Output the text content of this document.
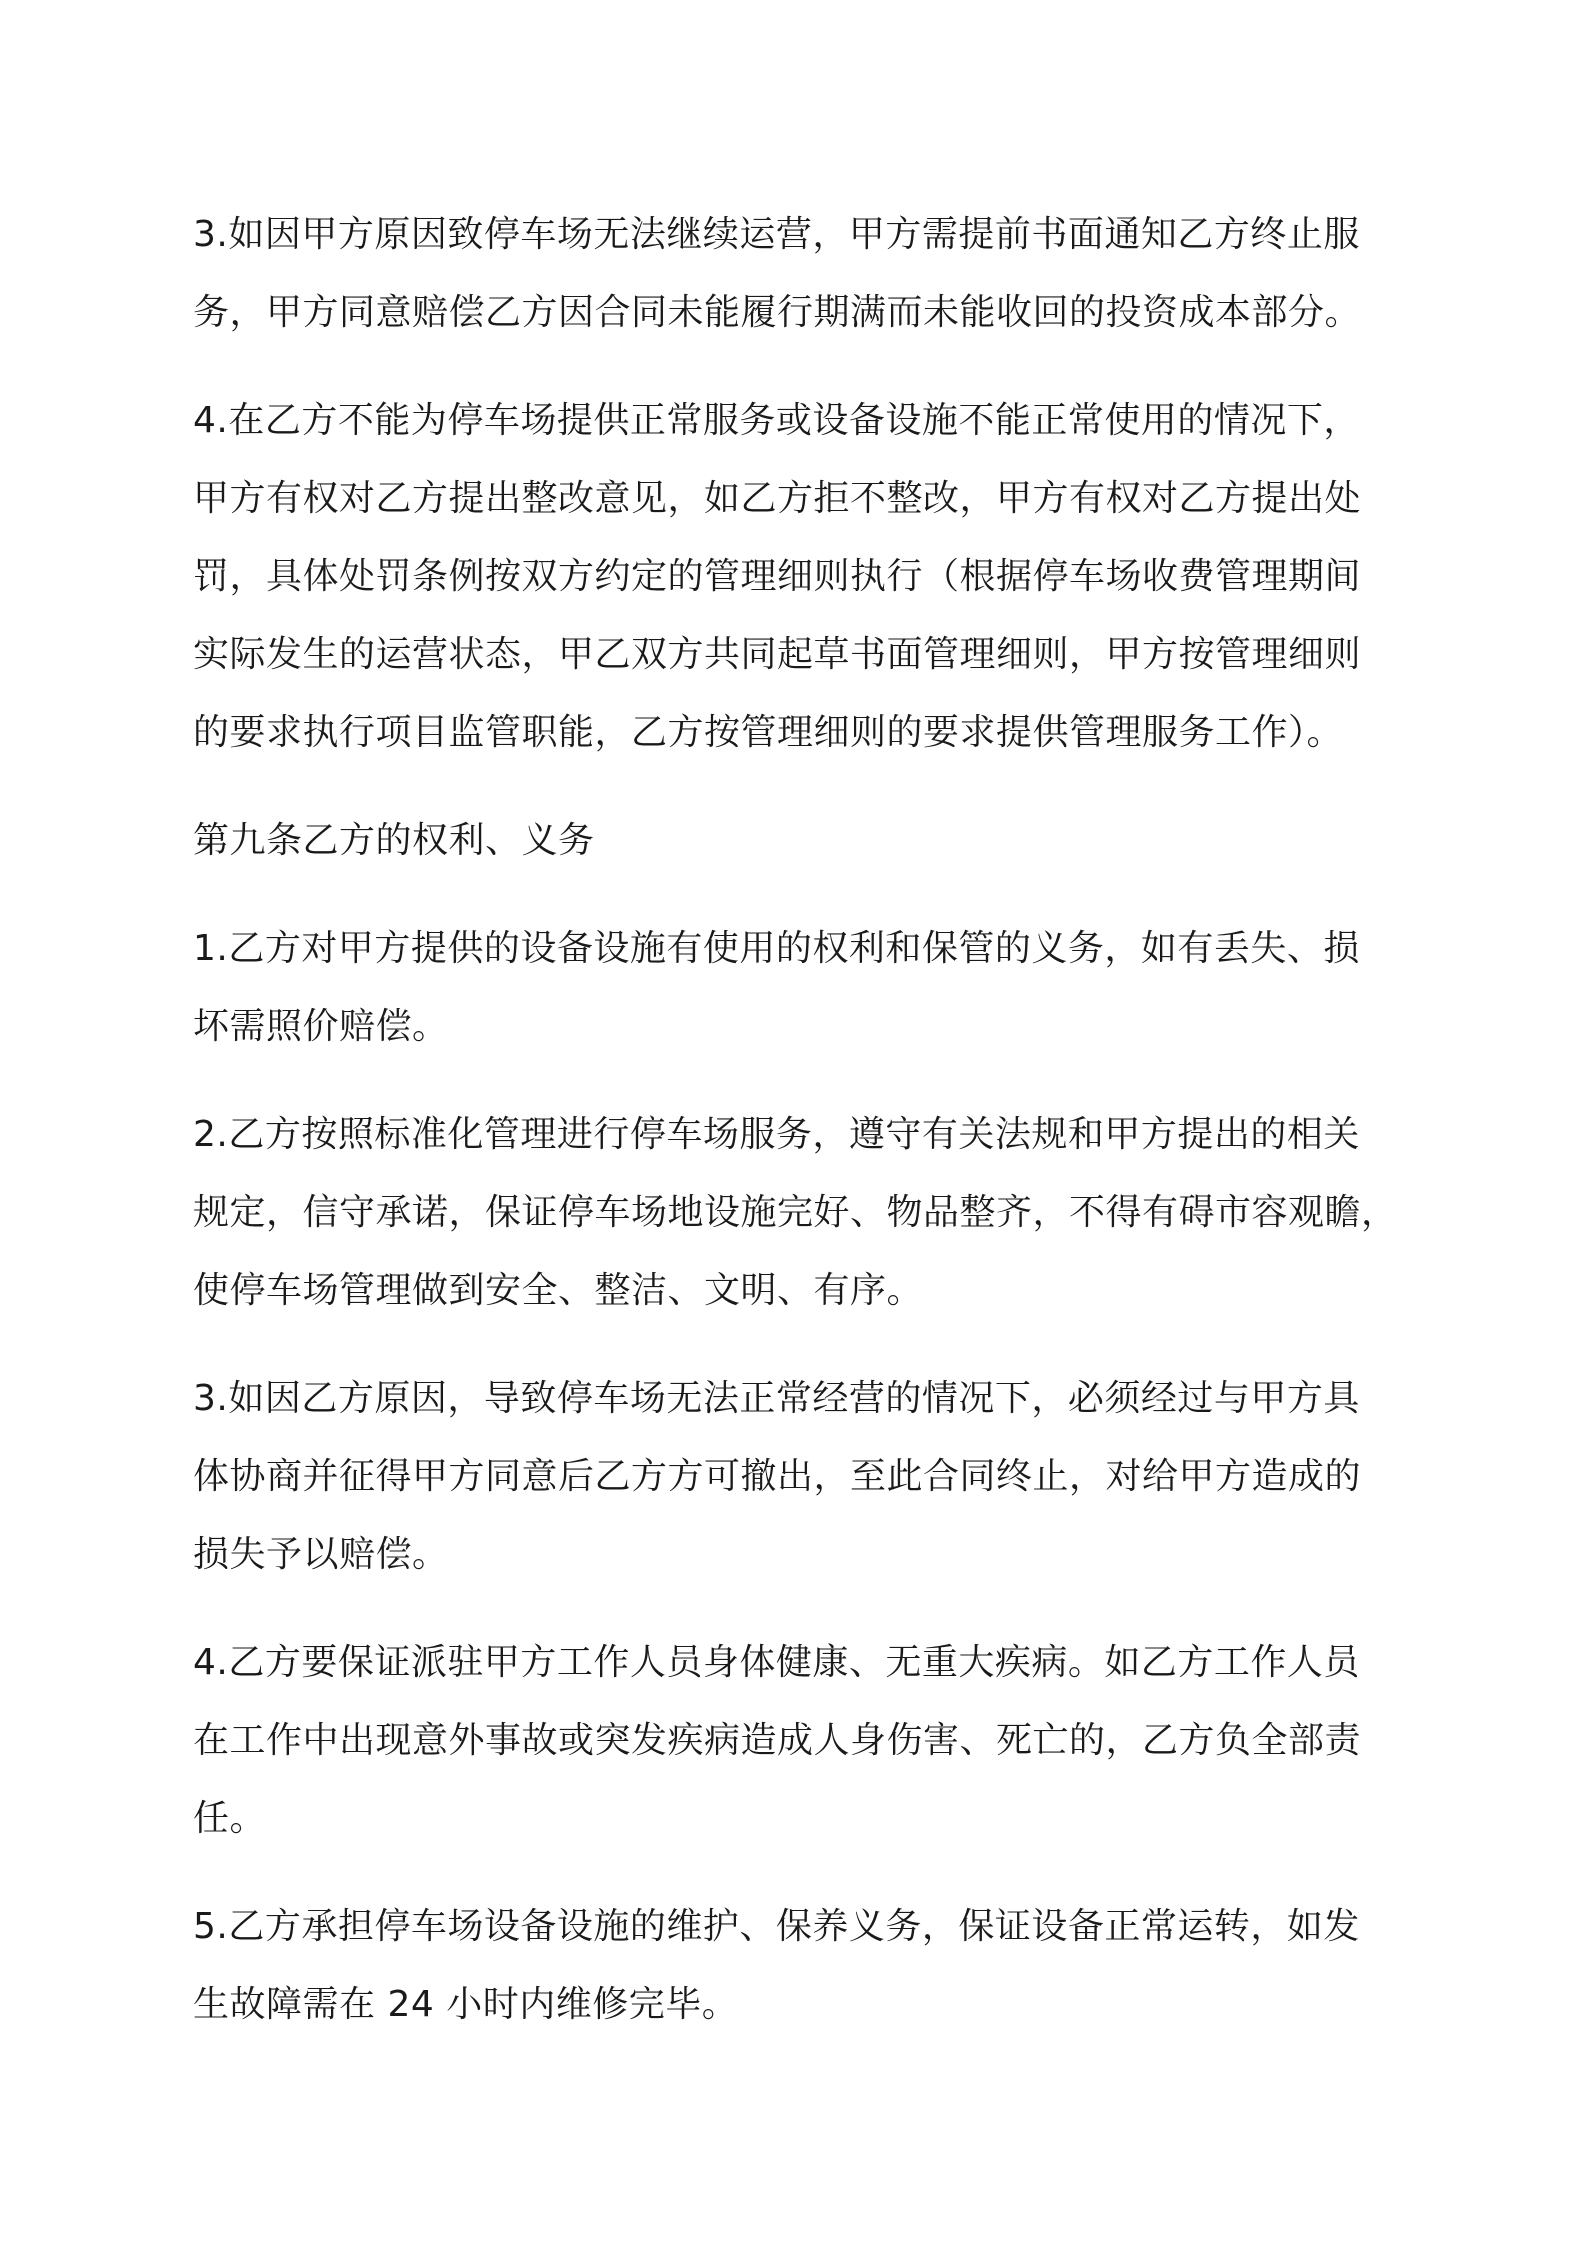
3.如因甲方原因致停车场无法继续运营，甲方需提前书面通知乙方终止服
务，甲方同意赔偿乙方因合同未能履行期满而未能收回的投资成本部分。

4.在乙方不能为停车场提供正常服务或设备设施不能正常使用的情况下，
甲方有权对乙方提出整改意见，如乙方拒不整改，甲方有权对乙方提出处
罚，具体处罚条例按双方约定的管理细则执行（根据停车场收费管理期间
实际发生的运营状态，甲乙双方共同起草书面管理细则，甲方按管理细则
的要求执行项目监管职能，乙方按管理细则的要求提供管理服务工作）。

第九条乙方的权利、义务

1.乙方对甲方提供的设备设施有使用的权利和保管的义务，如有丢失、损
坏需照价赔偿。

2.乙方按照标准化管理进行停车场服务，遵守有关法规和甲方提出的相关
规定，信守承诺，保证停车场地设施完好、物品整齐，不得有碍市容观瞻，
使停车场管理做到安全、整洁、文明、有序。

3.如因乙方原因，导致停车场无法正常经营的情况下，必须经过与甲方具
体协商并征得甲方同意后乙方方可撤出，至此合同终止，对给甲方造成的
损失予以赔偿。

4.乙方要保证派驻甲方工作人员身体健康、无重大疾病。如乙方工作人员
在工作中出现意外事故或突发疾病造成人身伤害、死亡的，乙方负全部责
任。

5.乙方承担停车场设备设施的维护、保养义务，保证设备正常运转，如发
生故障需在 24 小时内维修完毕。
